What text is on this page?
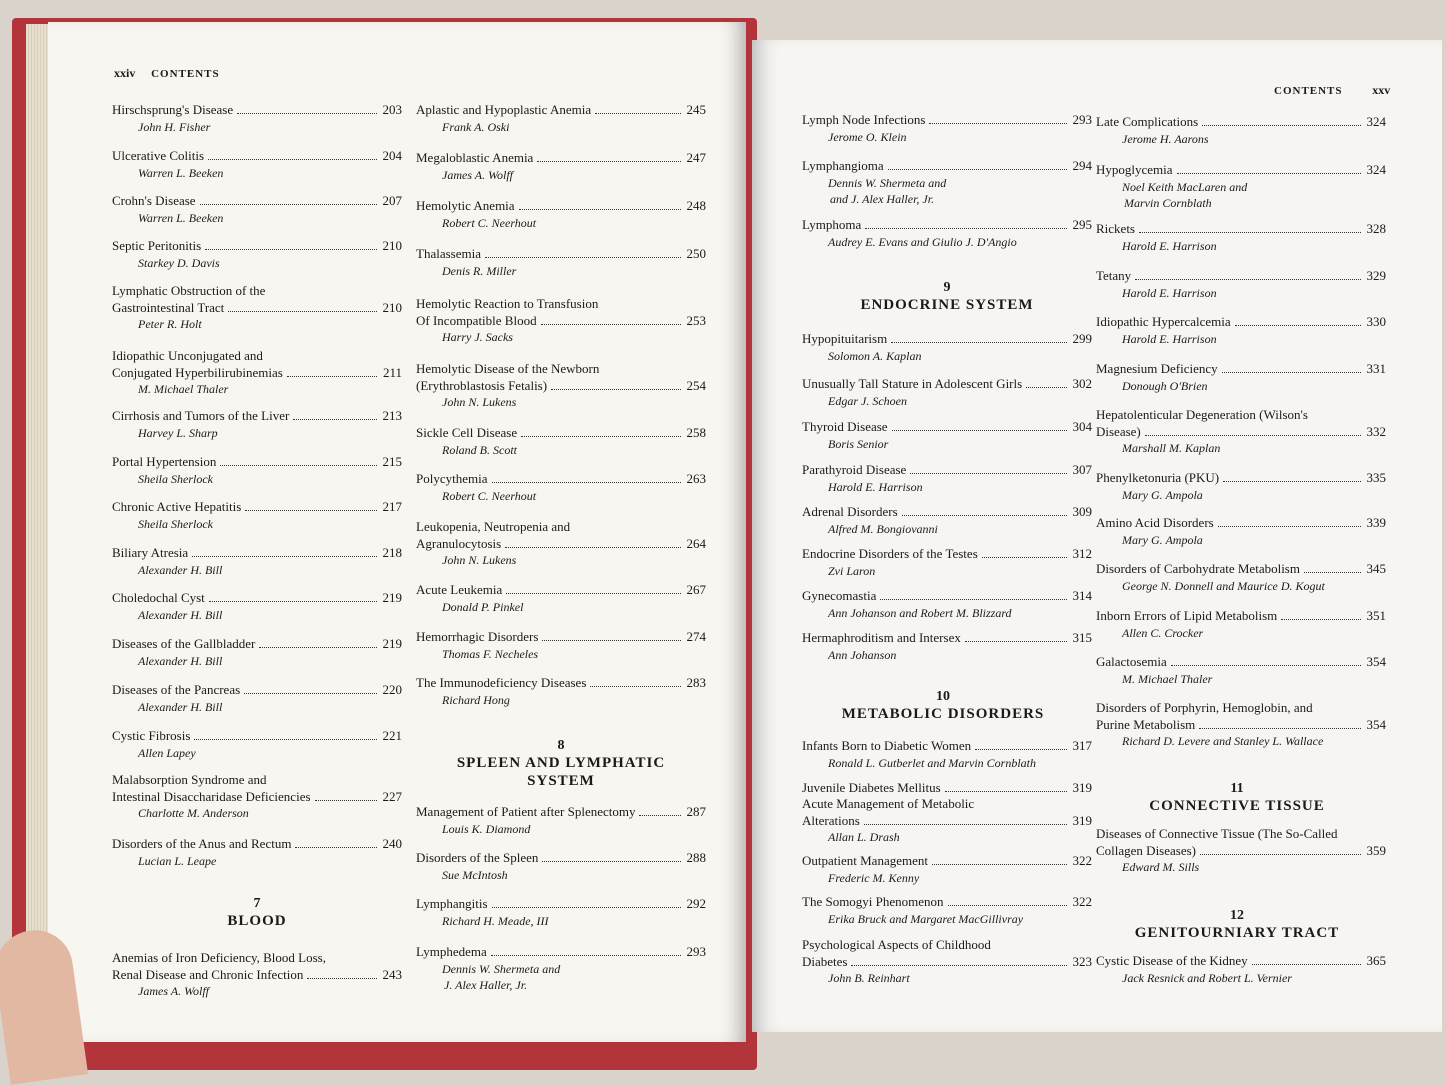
xxiv CONTENTS
Hirschsprung's Disease	203
John H. Fisher
Ulcerative Colitis	204
Warren L. Beeken
Crohn's Disease	207
Warren L. Beeken
Septic Peritonitis	210
Starkey D. Davis
Lymphatic Obstruction of the
Gastrointestinal Tract	210
Peter R. Holt
Idiopathic Unconjugated and
Conjugated Hyperbilirubinemias	211
M. Michael Thaler
Cirrhosis and Tumors of the Liver	213
Harvey L. Sharp
Portal Hypertension	215
Sheila Sherlock
Chronic Active Hepatitis	217
Sheila Sherlock
Biliary Atresia	218
Alexander H. Bill
Choledochal Cyst	219
Alexander H. Bill
Diseases of the Gallbladder	219
Alexander H. Bill
Diseases of the Pancreas	220
Alexander H. Bill
Cystic Fibrosis	221
Allen Lapey
Malabsorption Syndrome and
Intestinal Disaccharidase Deficiencies	227
Charlotte M. Anderson
Disorders of the Anus and Rectum	240
Lucian L. Leape
Anemias of Iron Deficiency, Blood Loss,
Renal Disease and Chronic Infection	243
James A. Wolff
Aplastic and Hypoplastic Anemia	245
Frank A. Oski
Megaloblastic Anemia	247
James A. Wolff
Hemolytic Anemia	248
Robert C. Neerhout
Thalassemia	250
Denis R. Miller
Hemolytic Reaction to Transfusion
Of Incompatible Blood	253
Harry J. Sacks
Hemolytic Disease of the Newborn
(Erythroblastosis Fetalis)	254
John N. Lukens
Sickle Cell Disease	258
Roland B. Scott
Polycythemia	263
Robert C. Neerhout
Leukopenia, Neutropenia and
Agranulocytosis	264
John N. Lukens
Acute Leukemia	267
Donald P. Pinkel
Hemorrhagic Disorders	274
Thomas F. Necheles
The Immunodeficiency Diseases	283
Richard Hong
Management of Patient after Splenectomy	287
Louis K. Diamond
Disorders of the Spleen	288
Sue McIntosh
Lymphangitis	292
Richard H. Meade, III
Lymphedema	293
Dennis W. Shermeta and
J. Alex Haller, Jr.
7
BLOOD
8
SPLEEN AND LYMPHATIC
SYSTEM
CONTENTS xxv
Lymph Node Infections	293
Jerome O. Klein
Lymphangioma	294
Dennis W. Shermeta and
and J. Alex Haller, Jr.
Lymphoma	295
Audrey E. Evans and Giulio J. D'Angio
Hypopituitarism	299
Solomon A. Kaplan
Unusually Tall Stature in Adolescent Girls	302
Edgar J. Schoen
Thyroid Disease	304
Boris Senior
Parathyroid Disease	307
Harold E. Harrison
Adrenal Disorders	309
Alfred M. Bongiovanni
Endocrine Disorders of the Testes	312
Zvi Laron
Gynecomastia	314
Ann Johanson and Robert M. Blizzard
Hermaphroditism and Intersex	315
Ann Johanson
Infants Born to Diabetic Women	317
Ronald L. Gutberlet and Marvin Cornblath
Juvenile Diabetes Mellitus	319
Acute Management of Metabolic
Alterations	319
Allan L. Drash
Outpatient Management	322
Frederic M. Kenny
The Somogyi Phenomenon	322
Erika Bruck and Margaret MacGillivray
Psychological Aspects of Childhood
Diabetes	323
John B. Reinhart
Late Complications	324
Jerome H. Aarons
Hypoglycemia	324
Noel Keith MacLaren and
Marvin Cornblath
Rickets	328
Harold E. Harrison
Tetany	329
Harold E. Harrison
Idiopathic Hypercalcemia	330
Harold E. Harrison
Magnesium Deficiency	331
Donough O'Brien
Hepatolenticular Degeneration (Wilson's
Disease)	332
Marshall M. Kaplan
Phenylketonuria (PKU)	335
Mary G. Ampola
Amino Acid Disorders	339
Mary G. Ampola
Disorders of Carbohydrate Metabolism	345
George N. Donnell and Maurice D. Kogut
Inborn Errors of Lipid Metabolism	351
Allen C. Crocker
Galactosemia	354
M. Michael Thaler
Disorders of Porphyrin, Hemoglobin, and
Purine Metabolism	354
Richard D. Levere and Stanley L. Wallace
Diseases of Connective Tissue (The So-Called
Collagen Diseases)	359
Edward M. Sills
Cystic Disease of the Kidney	365
Jack Resnick and Robert L. Vernier
9
ENDOCRINE SYSTEM
10
METABOLIC DISORDERS
11
CONNECTIVE TISSUE
12
GENITOURNIARY TRACT
